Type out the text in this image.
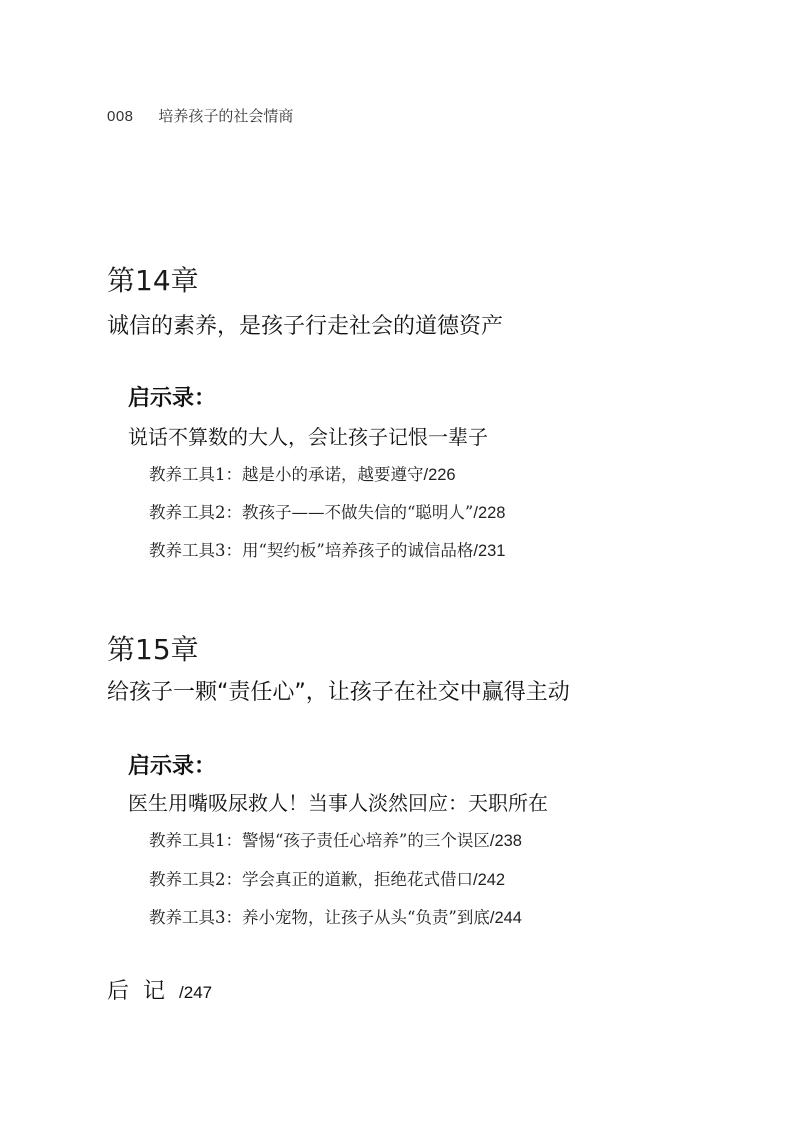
008 培养孩子的社会情商
第14章
诚信的素养，是孩子行走社会的道德资产
启示录：
说话不算数的大人，会让孩子记恨一辈子
教养工具1：越是小的承诺，越要遵守/226
教养工具2：教孩子——不做失信的“聪明人”/228
教养工具3：用“契约板”培养孩子的诚信品格/231
第15章
给孩子一颗“责任心”，让孩子在社交中赢得主动
启示录：
医生用嘴吸尿救人！当事人淡然回应：天职所在
教养工具1：警惕“孩子责任心培养”的三个误区/238
教养工具2：学会真正的道歉，拒绝花式借口/242
教养工具3：养小宠物，让孩子从头“负责”到底/244
后记/247
